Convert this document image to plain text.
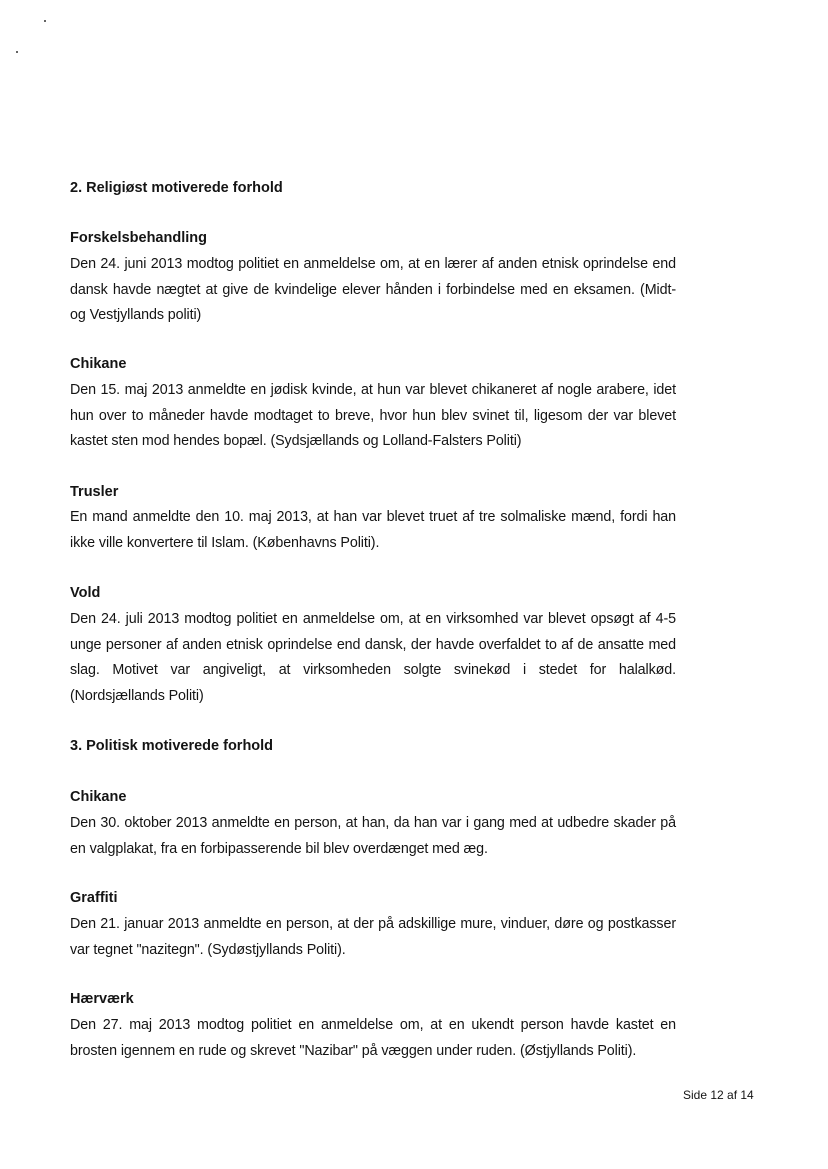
2. Religiøst motiverede forhold
Forskelsbehandling

Den 24. juni 2013 modtog politiet en anmeldelse om, at en lærer af anden etnisk oprindelse end dansk havde nægtet at give de kvindelige elever hånden i forbindelse med en eksamen. (Midt- og Vestjyllands politi)

Chikane

Den 15. maj 2013 anmeldte en jødisk kvinde, at hun var blevet chikaneret af nogle arabere, idet hun over to måneder havde modtaget to breve, hvor hun blev svinet til, ligesom der var blevet kastet sten mod hendes bopæl. (Sydsjællands og Lolland-Falsters Politi)

Trusler

En mand anmeldte den 10. maj 2013, at han var blevet truet af tre solmaliske mænd, fordi han ikke ville konvertere til Islam. (Københavns Politi).

Vold

Den 24. juli 2013 modtog politiet en anmeldelse om, at en virksomhed var blevet opsøgt af 4-5 unge personer af anden etnisk oprindelse end dansk, der havde overfaldet to af de ansatte med slag. Motivet var angiveligt, at virksomheden solgte svinekød i stedet for halalkød. (Nordsjællands Politi)

3. Politisk motiverede forhold
Chikane

Den 30. oktober 2013 anmeldte en person, at han, da han var i gang med at udbedre skader på en valgplakat, fra en forbipasserende bil blev overdænget med æg.

Graffiti

Den 21. januar 2013 anmeldte en person, at der på adskillige mure, vinduer, døre og postkasser var tegnet "nazitegn". (Sydøstjyllands Politi).

Hærværk

Den 27. maj 2013 modtog politiet en anmeldelse om, at en ukendt person havde kastet en brosten igennem en rude og skrevet "Nazibar" på væggen under ruden. (Østjyllands Politi).

Side 12 af 14
